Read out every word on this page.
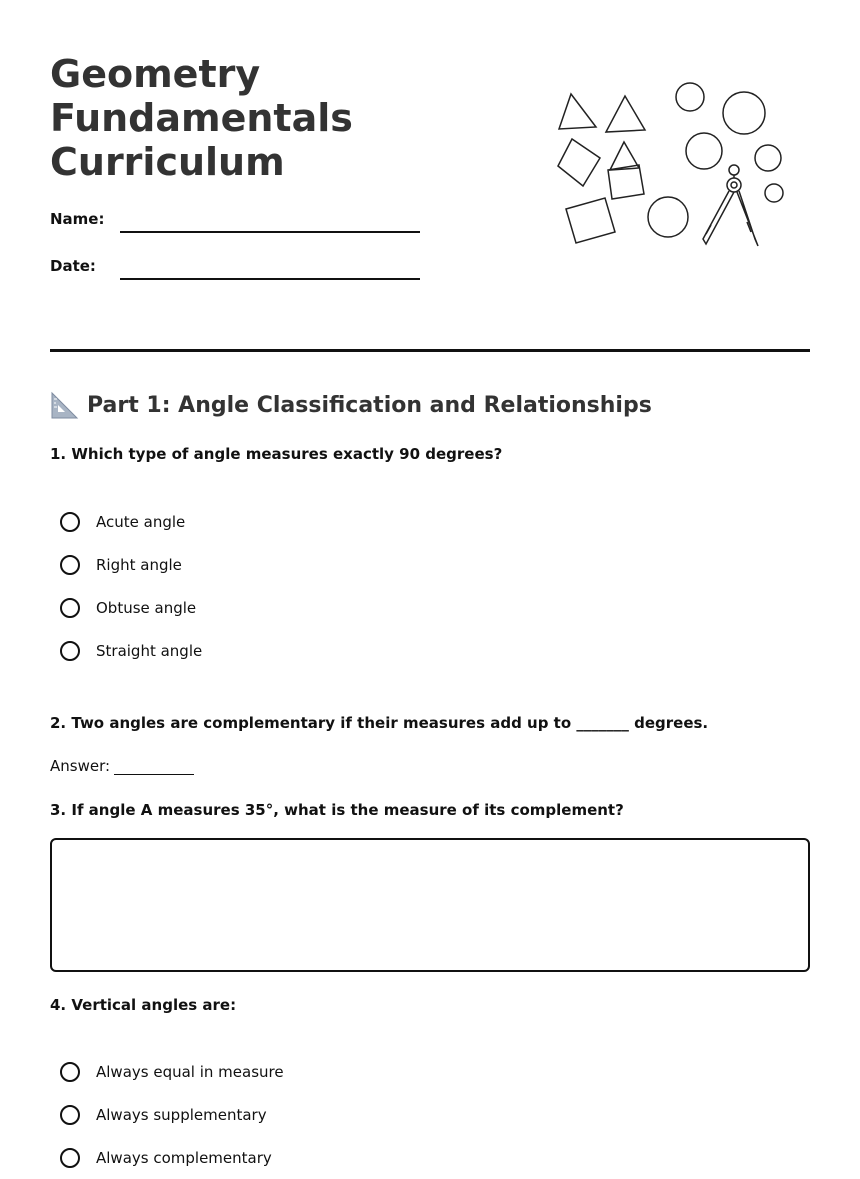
Geometry
Fundamentals
Curriculum
Name:
Date:
Part 1: Angle Classification and Relationships
1. Which type of angle measures exactly 90 degrees?
Acute angle
Right angle
Obtuse angle
Straight angle
2. Two angles are complementary if their measures add up to _______ degrees.
Answer:
3. If angle A measures 35°, what is the measure of its complement?
4. Vertical angles are:
Always equal in measure
Always supplementary
Always complementary
